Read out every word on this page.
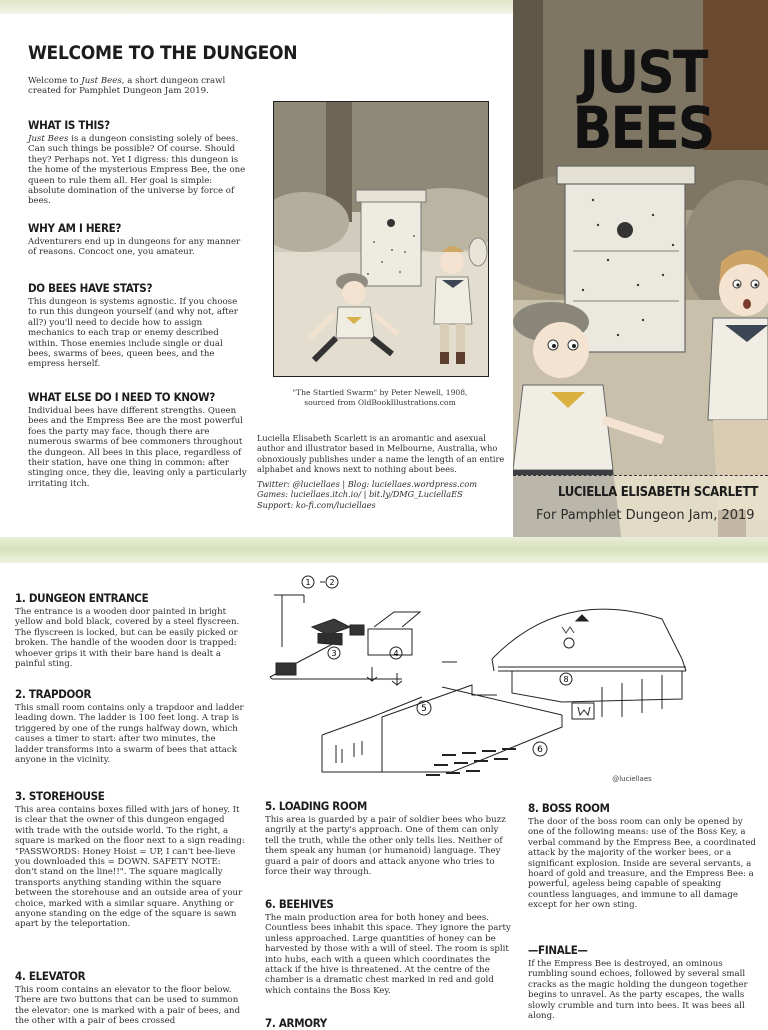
WELCOME TO THE DUNGEON
Welcome to Just Bees, a short dungeon crawl created for Pamphlet Dungeon Jam 2019.
WHAT IS THIS?
Just Bees is a dungeon consisting solely of bees. Can such things be possible? Of course. Should they? Perhaps not. Yet I digress: this dungeon is the home of the mysterious Empress Bee, the one queen to rule them all. Her goal is simple: absolute domination of the universe by force of bees.
WHY AM I HERE?
Adventurers end up in dungeons for any manner of reasons. Concoct one, you amateur.
DO BEES HAVE STATS?
This dungeon is systems agnostic. If you choose to run this dungeon yourself (and why not, after all?) you'll need to decide how to assign mechanics to each trap or enemy described within. Those enemies include single or dual bees, swarms of bees, queen bees, and the empress herself.
WHAT ELSE DO I NEED TO KNOW?
Individual bees have different strengths. Queen bees and the Empress Bee are the most powerful foes the party may face, though there are numerous swarms of bee commoners throughout the dungeon. All bees in this place, regardless of their station, have one thing in common: after stinging once, they die, leaving only a particularly irritating itch.
"The Startled Swarm" by Peter Newell, 1908,
sourced from OldBookIllustrations.com
Luciella Elisabeth Scarlett is an aromantic and asexual author and illustrator based in Melbourne, Australia, who obnoxiously publishes under a name the length of an entire alphabet and knows next to nothing about bees.
Twitter: @luciellaes | Blog: luciellaes.wordpress.com
Games: luciellaes.itch.io/ | bit.ly/DMG_LuciellaES
Support: ko-fi.com/luciellaes
JUST
BEES
LUCIELLA ELISABETH SCARLETT
For Pamphlet Dungeon Jam, 2019
1. DUNGEON ENTRANCE
The entrance is a wooden door painted in bright yellow and bold black, covered by a steel flyscreen. The flyscreen is locked, but can be easily picked or broken. The handle of the wooden door is trapped: whoever grips it with their bare hand is dealt a painful sting.
2. TRAPDOOR
This small room contains only a trapdoor and ladder leading down. The ladder is 100 feet long. A trap is triggered by one of the rungs halfway down, which causes a timer to start: after two minutes, the ladder transforms into a swarm of bees that attack anyone in the vicinity.
3. STOREHOUSE
This area contains boxes filled with jars of honey. It is clear that the owner of this dungeon engaged with trade with the outside world. To the right, a square is marked on the floor next to a sign reading: "PASSWORDS: Honey Hoist = UP, I can't bee-lieve you downloaded this = DOWN. SAFETY NOTE: don't stand on the line!!". The square magically transports anything standing within the square between the storehouse and an outside area of your choice, marked with a similar square. Anything or anyone standing on the edge of the square is sawn apart by the teleportation.
4. ELEVATOR
This room contains an elevator to the floor below. There are two buttons that can be used to summon the elevator: one is marked with a pair of bees, and the other with a pair of bees crossed
1 2
3	4
5
6
8
@luciellaes
5. LOADING ROOM
This area is guarded by a pair of soldier bees who buzz angrily at the party's approach. One of them can only tell the truth, while the other only tells lies. Neither of them speak any human (or humanoid) language. They guard a pair of doors and attack anyone who tries to force their way through.
6. BEEHIVES
The main production area for both honey and bees. Countless bees inhabit this space. They ignore the party unless approached. Large quantities of honey can be harvested by those with a will of steel. The room is split into hubs, each with a queen which coordinates the attack if the hive is threatened. At the centre of the chamber is a dramatic chest marked in red and gold which contains the Boss Key.
7. ARMORY
8. BOSS ROOM
The door of the boss room can only be opened by one of the following means: use of the Boss Key, a verbal command by the Empress Bee, a coordinated attack by the majority of the worker bees, or a significant explosion. Inside are several servants, a hoard of gold and treasure, and the Empress Bee: a powerful, ageless being capable of speaking countless languages, and immune to all damage except for her own sting.
—FINALE—
If the Empress Bee is destroyed, an ominous rumbling sound echoes, followed by several small cracks as the magic holding the dungeon together begins to unravel. As the party escapes, the walls slowly crumble and turn into bees. It was bees all along.
